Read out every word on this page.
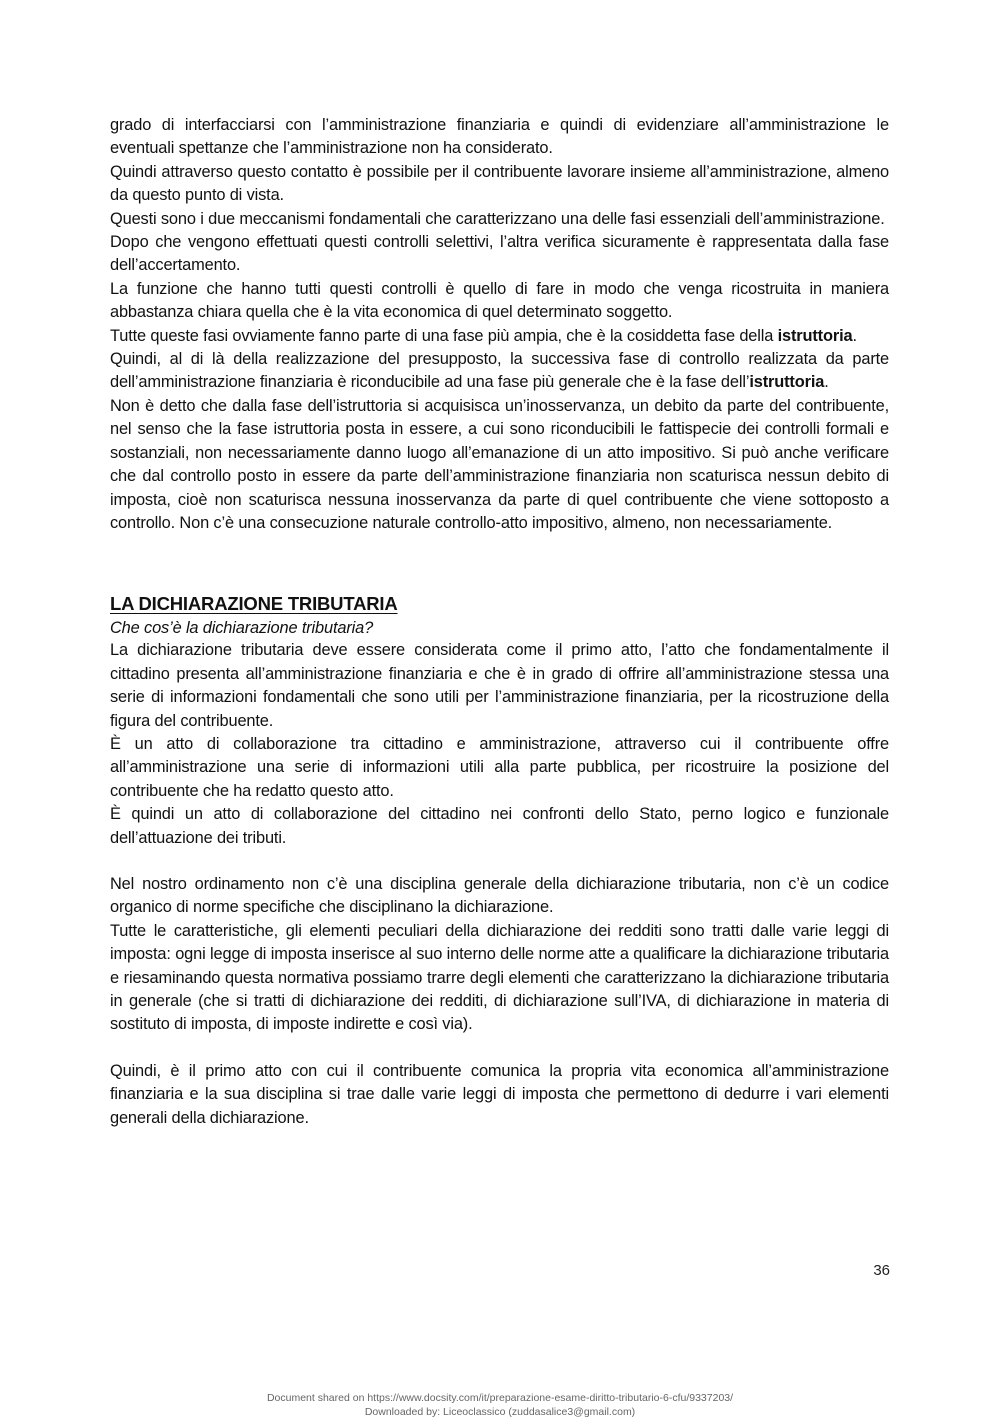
grado di interfacciarsi con l’amministrazione finanziaria e quindi di evidenziare all’amministrazione le eventuali spettanze che l’amministrazione non ha considerato.

Quindi attraverso questo contatto è possibile per il contribuente lavorare insieme all’amministrazione, almeno da questo punto di vista.

Questi sono i due meccanismi fondamentali che caratterizzano una delle fasi essenziali dell’amministrazione.

Dopo che vengono effettuati questi controlli selettivi, l’altra verifica sicuramente è rappresentata dalla fase dell’accertamento.

La funzione che hanno tutti questi controlli è quello di fare in modo che venga ricostruita in maniera abbastanza chiara quella che è la vita economica di quel determinato soggetto.

Tutte queste fasi ovviamente fanno parte di una fase più ampia, che è la cosiddetta fase della istruttoria.

Quindi, al di là della realizzazione del presupposto, la successiva fase di controllo realizzata da parte dell’amministrazione finanziaria è riconducibile ad una fase più generale che è la fase dell’istruttoria.

Non è detto che dalla fase dell’istruttoria si acquisisca un’inosservanza, un debito da parte del contribuente, nel senso che la fase istruttoria posta in essere, a cui sono riconducibili le fattispecie dei controlli formali e sostanziali, non necessariamente danno luogo all’emanazione di un atto impositivo. Si può anche verificare che dal controllo posto in essere da parte dell’amministrazione finanziaria non scaturisca nessun debito di imposta, cioè non scaturisca nessuna inosservanza da parte di quel contribuente che viene sottoposto a controllo. Non c’è una consecuzione naturale controllo-atto impositivo, almeno, non necessariamente.

LA DICHIARAZIONE TRIBUTARIA

Che cos’è la dichiarazione tributaria?

La dichiarazione tributaria deve essere considerata come il primo atto, l’atto che fondamentalmente il cittadino presenta all’amministrazione finanziaria e che è in grado di offrire all’amministrazione stessa una serie di informazioni fondamentali che sono utili per l’amministrazione finanziaria, per la ricostruzione della figura del contribuente.

È un atto di collaborazione tra cittadino e amministrazione, attraverso cui il contribuente offre all’amministrazione una serie di informazioni utili alla parte pubblica, per ricostruire la posizione del contribuente che ha redatto questo atto.

È quindi un atto di collaborazione del cittadino nei confronti dello Stato, perno logico e funzionale dell’attuazione dei tributi.

Nel nostro ordinamento non c’è una disciplina generale della dichiarazione tributaria, non c’è un codice organico di norme specifiche che disciplinano la dichiarazione.

Tutte le caratteristiche, gli elementi peculiari della dichiarazione dei redditi sono tratti dalle varie leggi di imposta: ogni legge di imposta inserisce al suo interno delle norme atte a qualificare la dichiarazione tributaria e riesaminando questa normativa possiamo trarre degli elementi che caratterizzano la dichiarazione tributaria in generale (che si tratti di dichiarazione dei redditi, di dichiarazione sull’IVA, di dichiarazione in materia di sostituto di imposta, di imposte indirette e così via).

Quindi, è il primo atto con cui il contribuente comunica la propria vita economica all’amministrazione finanziaria e la sua disciplina si trae dalle varie leggi di imposta che permettono di dedurre i vari elementi generali della dichiarazione.

36
Document shared on https://www.docsity.com/it/preparazione-esame-diritto-tributario-6-cfu/9337203/
Downloaded by: Liceoclassico (zuddasalice3@gmail.com)
